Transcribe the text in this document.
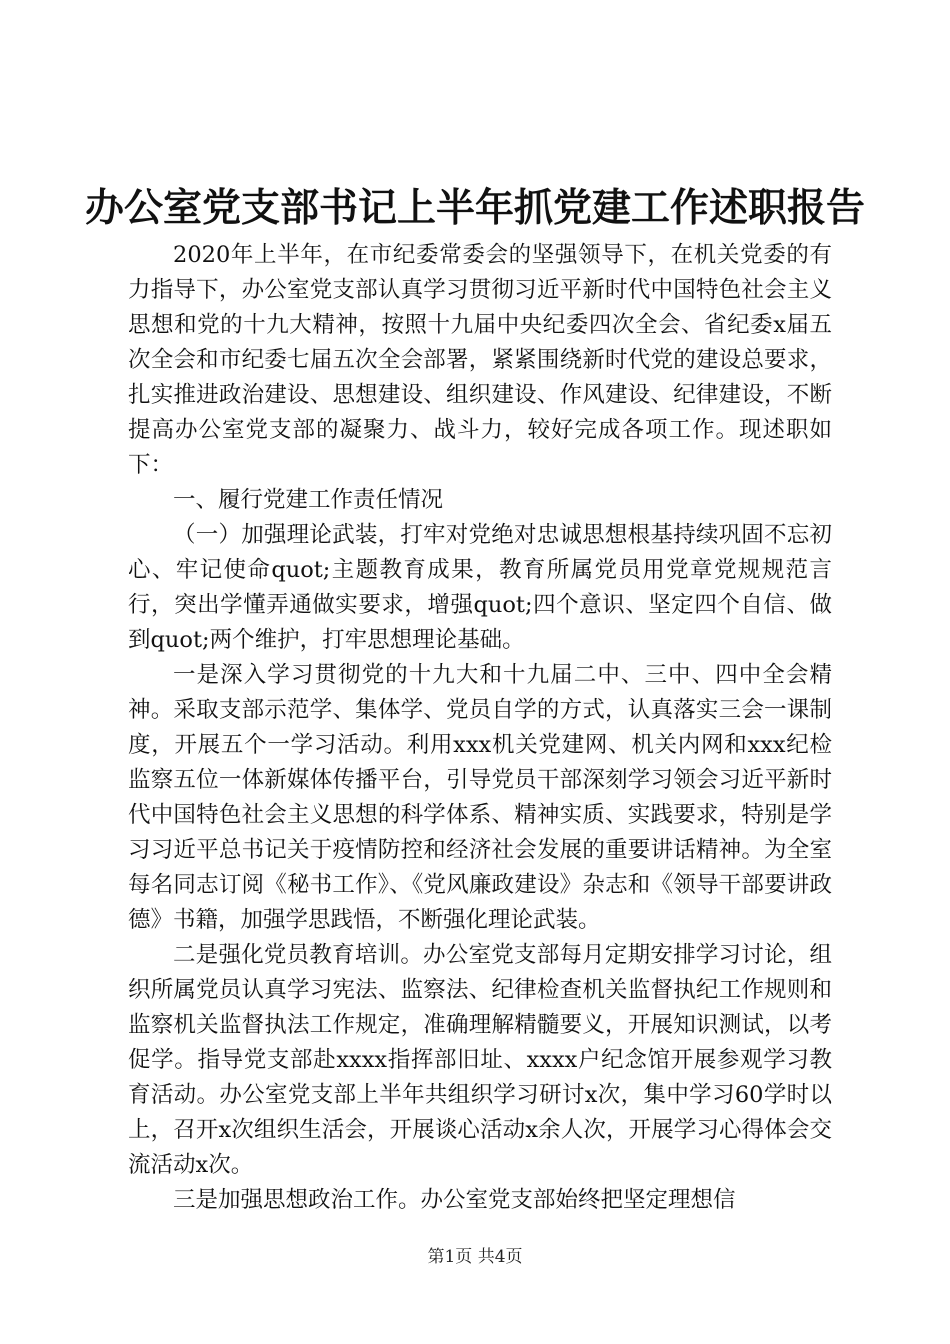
办公室党支部书记上半年抓党建工作述职报告

2020年上半年，在市纪委常委会的坚强领导下，在机关党委的有力指导下，办公室党支部认真学习贯彻习近平新时代中国特色社会主义思想和党的十九大精神，按照十九届中央纪委四次全会、省纪委x届五次全会和市纪委七届五次全会部署，紧紧围绕新时代党的建设总要求，扎实推进政治建设、思想建设、组织建设、作风建设、纪律建设，不断提高办公室党支部的凝聚力、战斗力，较好完成各项工作。现述职如下：

一、履行党建工作责任情况

（一）加强理论武装，打牢对党绝对忠诚思想根基持续巩固不忘初心、牢记使命quot;主题教育成果，教育所属党员用党章党规规范言行，突出学懂弄通做实要求，增强quot;四个意识、坚定四个自信、做到quot;两个维护，打牢思想理论基础。

一是深入学习贯彻党的十九大和十九届二中、三中、四中全会精神。采取支部示范学、集体学、党员自学的方式，认真落实三会一课制度，开展五个一学习活动。利用xxx机关党建网、机关内网和xxx纪检监察五位一体新媒体传播平台，引导党员干部深刻学习领会习近平新时代中国特色社会主义思想的科学体系、精神实质、实践要求，特别是学习习近平总书记关于疫情防控和经济社会发展的重要讲话精神。为全室每名同志订阅《秘书工作》、《党风廉政建设》杂志和《领导干部要讲政德》书籍，加强学思践悟，不断强化理论武装。

二是强化党员教育培训。办公室党支部每月定期安排学习讨论，组织所属党员认真学习宪法、监察法、纪律检查机关监督执纪工作规则和监察机关监督执法工作规定，准确理解精髓要义，开展知识测试，以考促学。指导党支部赴xxxx指挥部旧址、xxxx户纪念馆开展参观学习教育活动。办公室党支部上半年共组织学习研讨x次，集中学习60学时以上，召开x次组织生活会，开展谈心活动x余人次，开展学习心得体会交流活动x次。

三是加强思想政治工作。办公室党支部始终把坚定理想信

第1页 共4页
